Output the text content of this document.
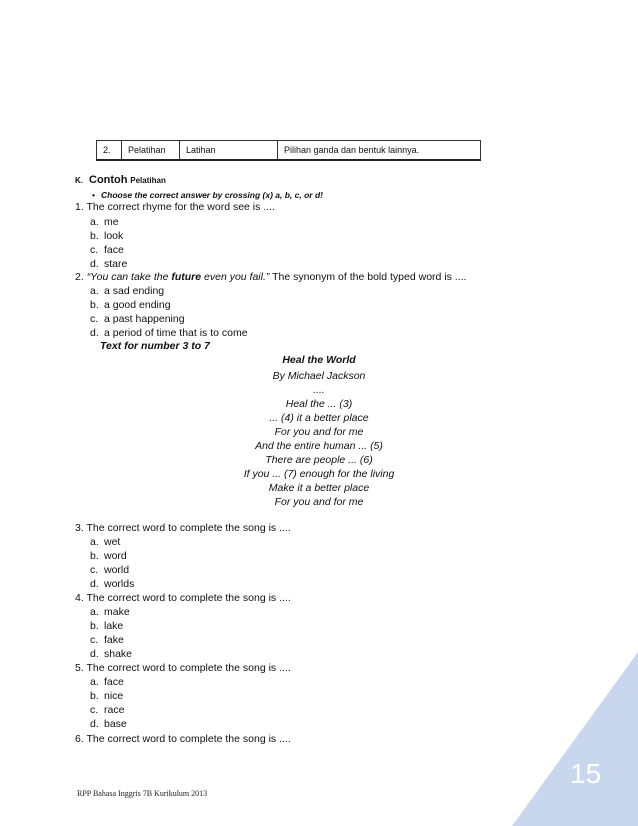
2.	Pelatihan	Latihan	Pilihan ganda dan bentuk lainnya.
K. Contoh Pelatihan
• Choose the correct answer by crossing (x) a, b, c, or d!
1. The correct rhyme for the word see is ....
a. me
b. look
c. face
d. stare
2. “You can take the future even you fail.” The synonym of the bold typed word is ....
a. a sad ending
b. a good ending
c. a past happening
d. a period of time that is to come
Text for number 3 to 7
Heal the World
By Michael Jackson
....
Heal the ... (3)
... (4) it a better place
For you and for me
And the entire human ... (5)
There are people ... (6)
If you ... (7) enough for the living
Make it a better place
For you and for me
3. The correct word to complete the song is ....
a. wet
b. word
c. world
d. worlds
4. The correct word to complete the song is ....
a. make
b. lake
c. fake
d. shake
5. The correct word to complete the song is ....
a. face
b. nice
c. race
d. base
6. The correct word to complete the song is ....
RPP Bahasa Inggris 7B Kurikulum 2013
15
